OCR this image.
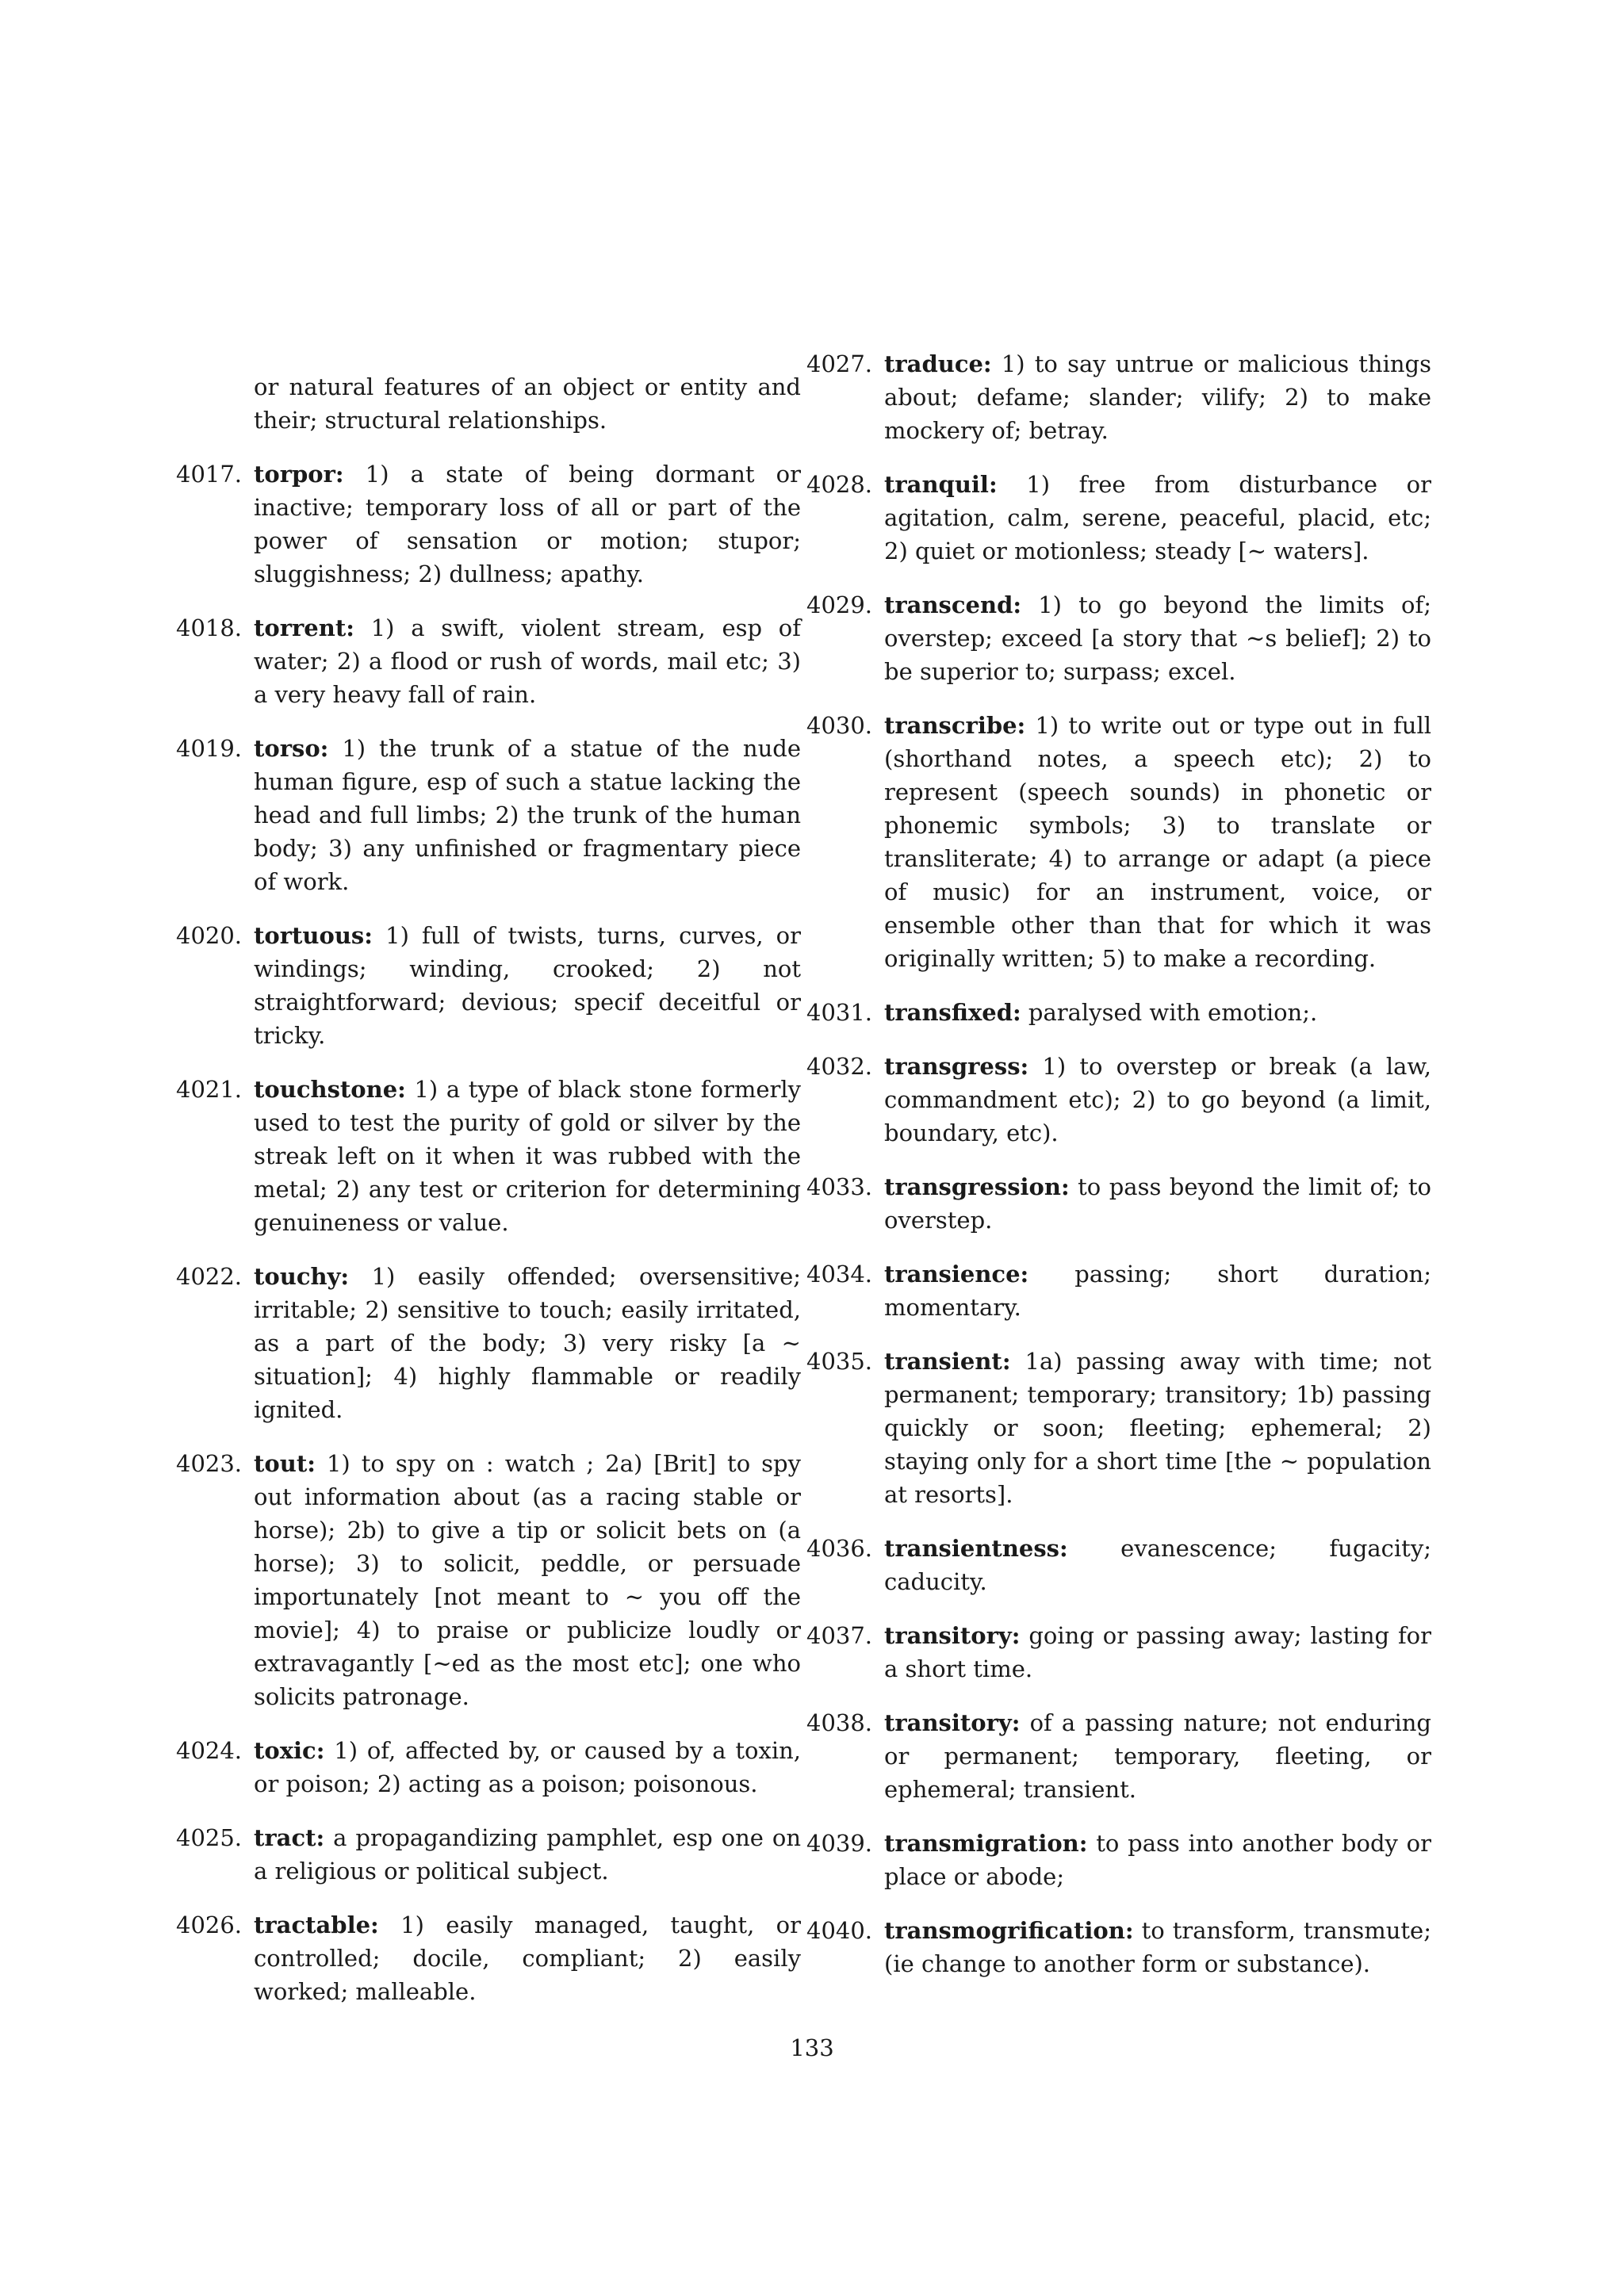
or natural features of an object or entity and their; structural relationships.

4017. torpor: 1) a state of being dormant or inactive; temporary loss of all or part of the power of sensation or motion; stupor; sluggishness; 2) dullness; apathy.
4018. torrent: 1) a swift, violent stream, esp of water; 2) a flood or rush of words, mail etc; 3) a very heavy fall of rain.
4019. torso: 1) the trunk of a statue of the nude human figure, esp of such a statue lacking the head and full limbs; 2) the trunk of the human body; 3) any unfinished or fragmentary piece of work.
4020. tortuous: 1) full of twists, turns, curves, or windings; winding, crooked; 2) not straightforward; devious; specif deceitful or tricky.
4021. touchstone: 1) a type of black stone formerly used to test the purity of gold or silver by the streak left on it when it was rubbed with the metal; 2) any test or criterion for determining genuineness or value.
4022. touchy: 1) easily offended; oversensitive; irritable; 2) sensitive to touch; easily irritated, as a part of the body; 3) very risky [a ∼ situation]; 4) highly flammable or readily ignited.
4023. tout: 1) to spy on : watch ; 2a) [Brit] to spy out information about (as a racing stable or horse); 2b) to give a tip or solicit bets on (a horse); 3) to solicit, peddle, or persuade importunately [not meant to ∼ you off the movie]; 4) to praise or publicize loudly or extravagantly [∼ed as the most etc]; one who solicits patronage.
4024. toxic: 1) of, affected by, or caused by a toxin, or poison; 2) acting as a poison; poisonous.
4025. tract: a propagandizing pamphlet, esp one on a religious or political subject.
4026. tractable: 1) easily managed, taught, or controlled; docile, compliant; 2) easily worked; malleable.
4027. traduce: 1) to say untrue or malicious things about; defame; slander; vilify; 2) to make mockery of; betray.
4028. tranquil: 1) free from disturbance or agitation, calm, serene, peaceful, placid, etc; 2) quiet or motionless; steady [∼ waters].
4029. transcend: 1) to go beyond the limits of; overstep; exceed [a story that ∼s belief]; 2) to be superior to; surpass; excel.
4030. transcribe: 1) to write out or type out in full (shorthand notes, a speech etc); 2) to represent (speech sounds) in phonetic or phonemic symbols; 3) to translate or transliterate; 4) to arrange or adapt (a piece of music) for an instrument, voice, or ensemble other than that for which it was originally written; 5) to make a recording.
4031. transfixed: paralysed with emotion;.
4032. transgress: 1) to overstep or break (a law, commandment etc); 2) to go beyond (a limit, boundary, etc).
4033. transgression: to pass beyond the limit of; to overstep.
4034. transience: passing; short duration; momentary.
4035. transient: 1a) passing away with time; not permanent; temporary; transitory; 1b) passing quickly or soon; fleeting; ephemeral; 2) staying only for a short time [the ∼ population at resorts].
4036. transientness: evanescence; fugacity; caducity.
4037. transitory: going or passing away; lasting for a short time.
4038. transitory: of a passing nature; not enduring or permanent; temporary, fleeting, or ephemeral; transient.
4039. transmigration: to pass into another body or place or abode;
4040. transmogrification: to transform, transmute; (ie change to another form or substance).
133
